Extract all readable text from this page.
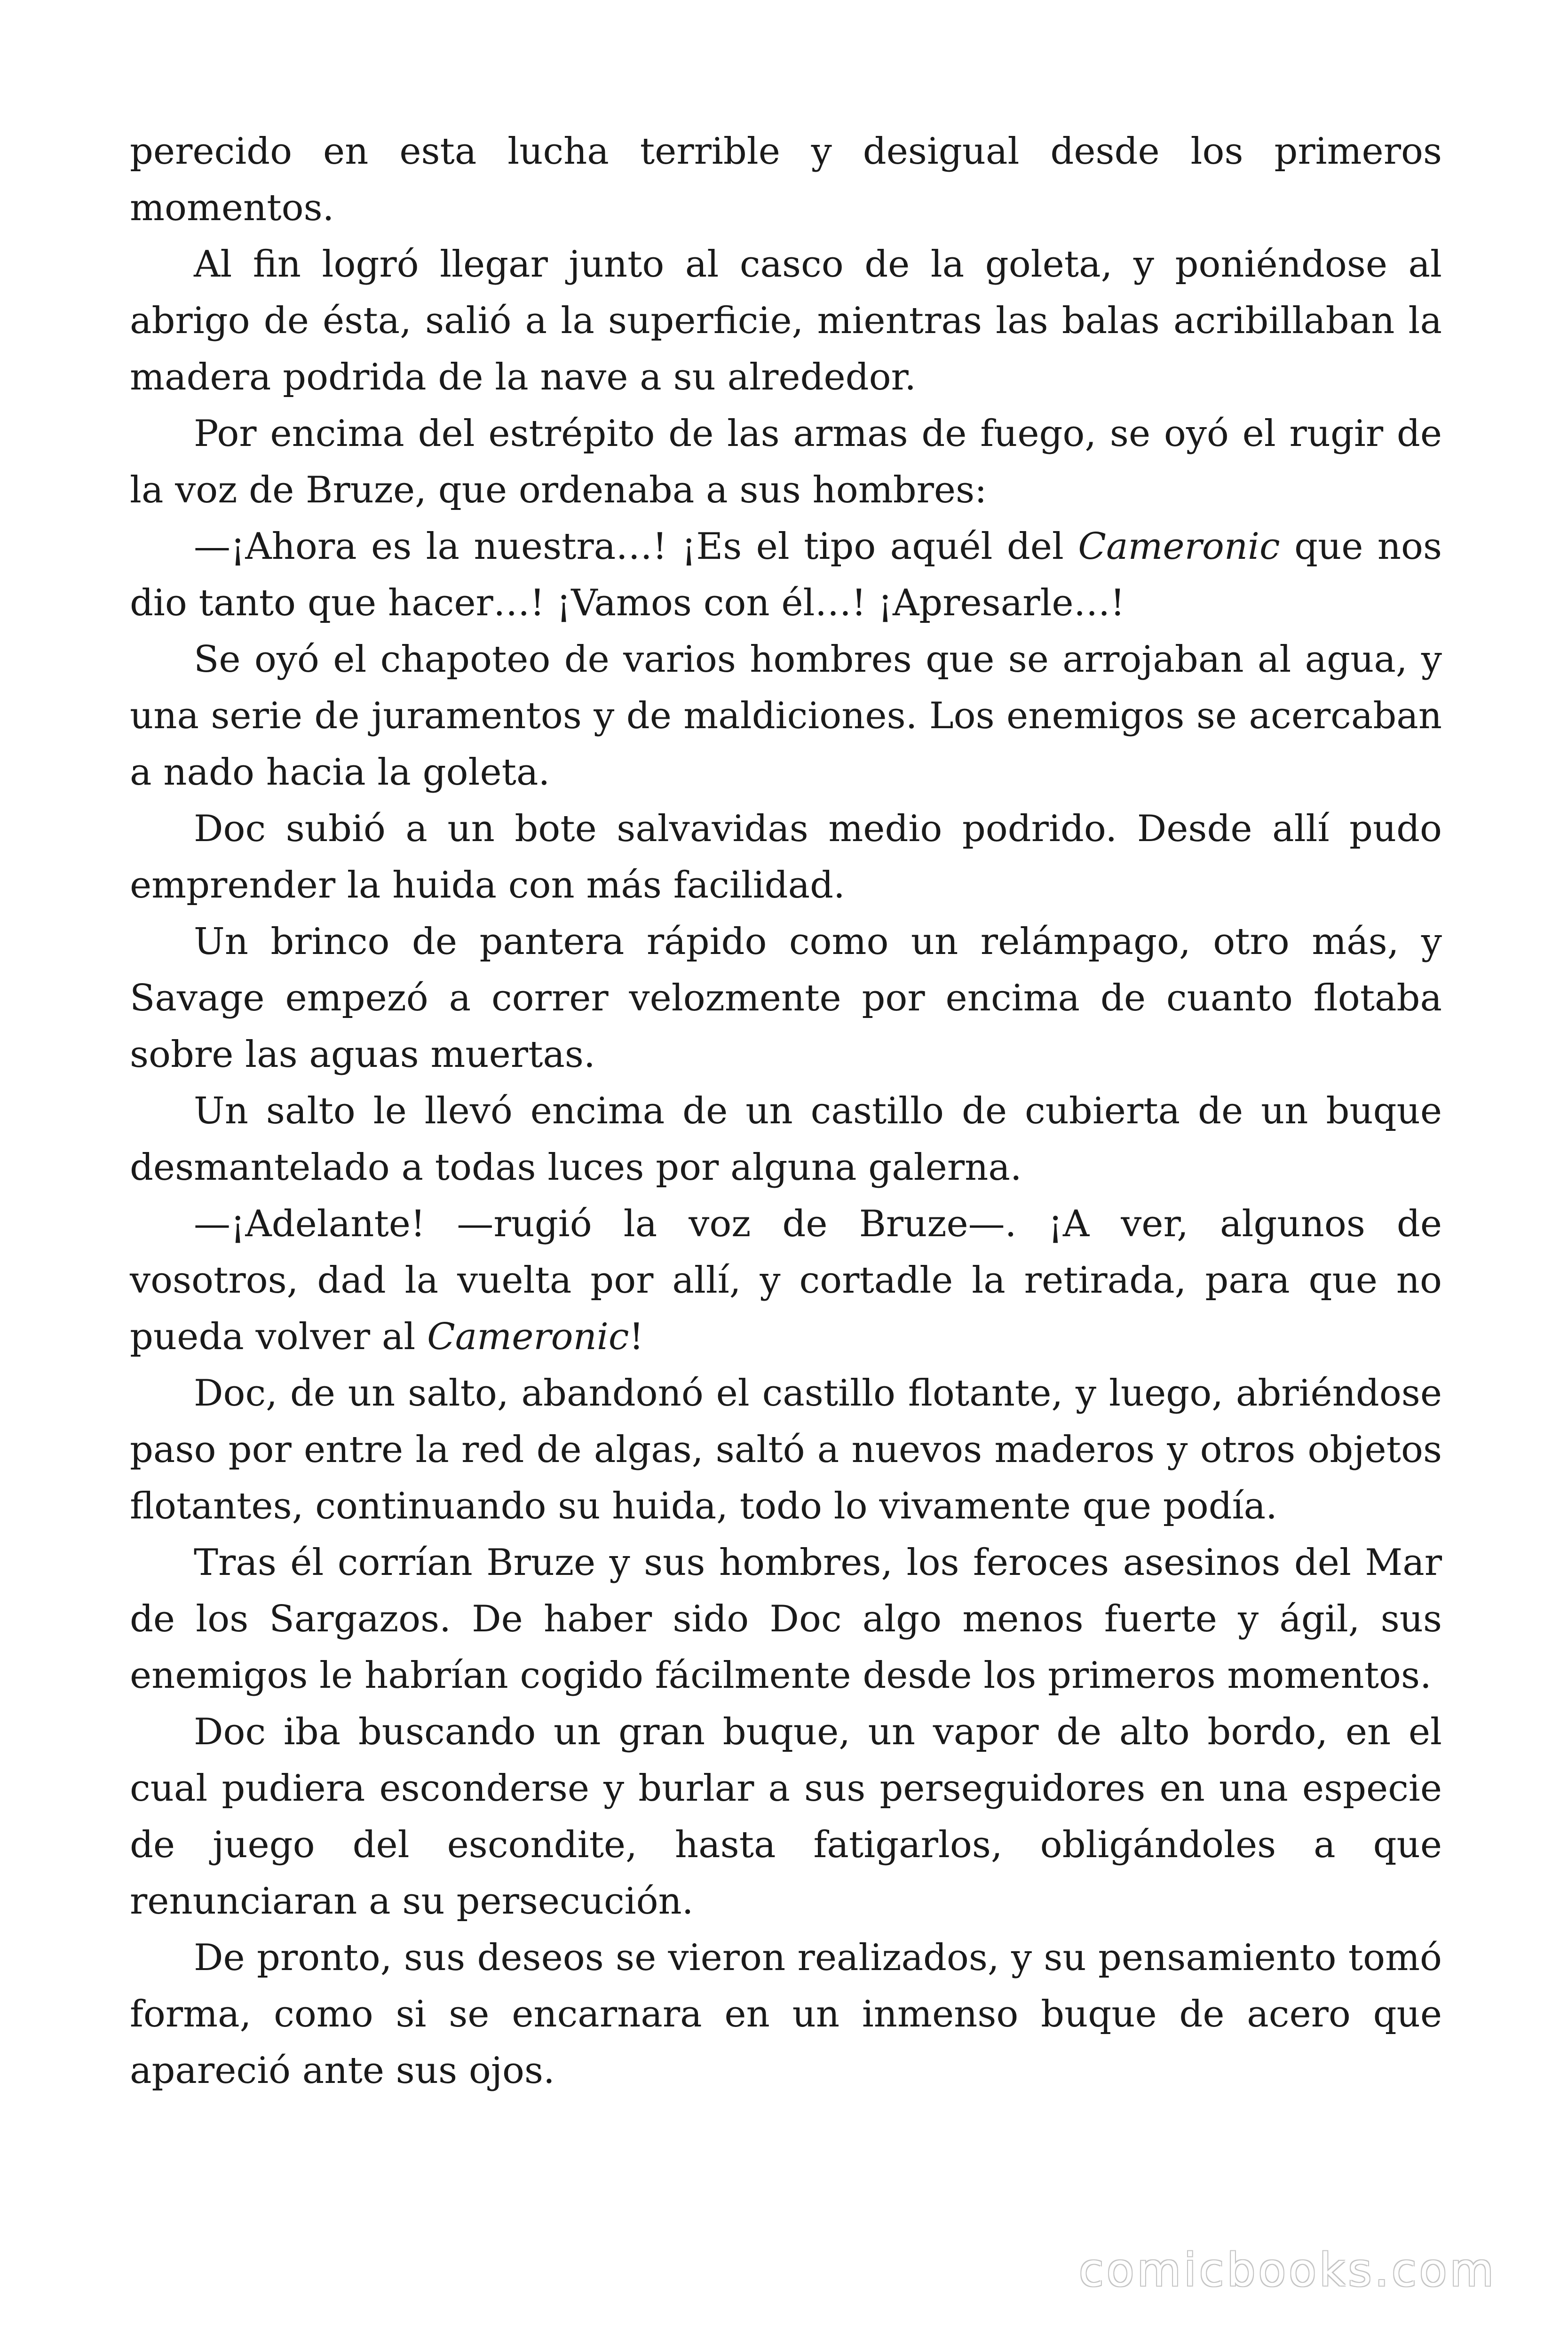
perecido en esta lucha terrible y desigual desde los primeros momentos.

Al fin logró llegar junto al casco de la goleta, y poniéndose al abrigo de ésta, salió a la superficie, mientras las balas acribillaban la madera podrida de la nave a su alrededor.

Por encima del estrépito de las armas de fuego, se oyó el rugir de la voz de Bruze, que ordenaba a sus hombres:

—¡Ahora es la nuestra…! ¡Es el tipo aquél del Cameronic que nos dio tanto que hacer…! ¡Vamos con él…! ¡Apresarle…!

Se oyó el chapoteo de varios hombres que se arrojaban al agua, y una serie de juramentos y de maldiciones. Los enemigos se acercaban a nado hacia la goleta.

Doc subió a un bote salvavidas medio podrido. Desde allí pudo emprender la huida con más facilidad.

Un brinco de pantera rápido como un relámpago, otro más, y Savage empezó a correr velozmente por encima de cuanto flotaba sobre las aguas muertas.

Un salto le llevó encima de un castillo de cubierta de un buque desmantelado a todas luces por alguna galerna.

—¡Adelante! —rugió la voz de Bruze—. ¡A ver, algunos de vosotros, dad la vuelta por allí, y cortadle la retirada, para que no pueda volver al Cameronic!

Doc, de un salto, abandonó el castillo flotante, y luego, abriéndose paso por entre la red de algas, saltó a nuevos maderos y otros objetos flotantes, continuando su huida, todo lo vivamente que podía.

Tras él corrían Bruze y sus hombres, los feroces asesinos del Mar de los Sargazos. De haber sido Doc algo menos fuerte y ágil, sus enemigos le habrían cogido fácilmente desde los primeros momentos.

Doc iba buscando un gran buque, un vapor de alto bordo, en el cual pudiera esconderse y burlar a sus perseguidores en una especie de juego del escondite, hasta fatigarlos, obligándoles a que renunciaran a su persecución.

De pronto, sus deseos se vieron realizados, y su pensamiento tomó forma, como si se encarnara en un inmenso buque de acero que apareció ante sus ojos.

comicbooks.com
